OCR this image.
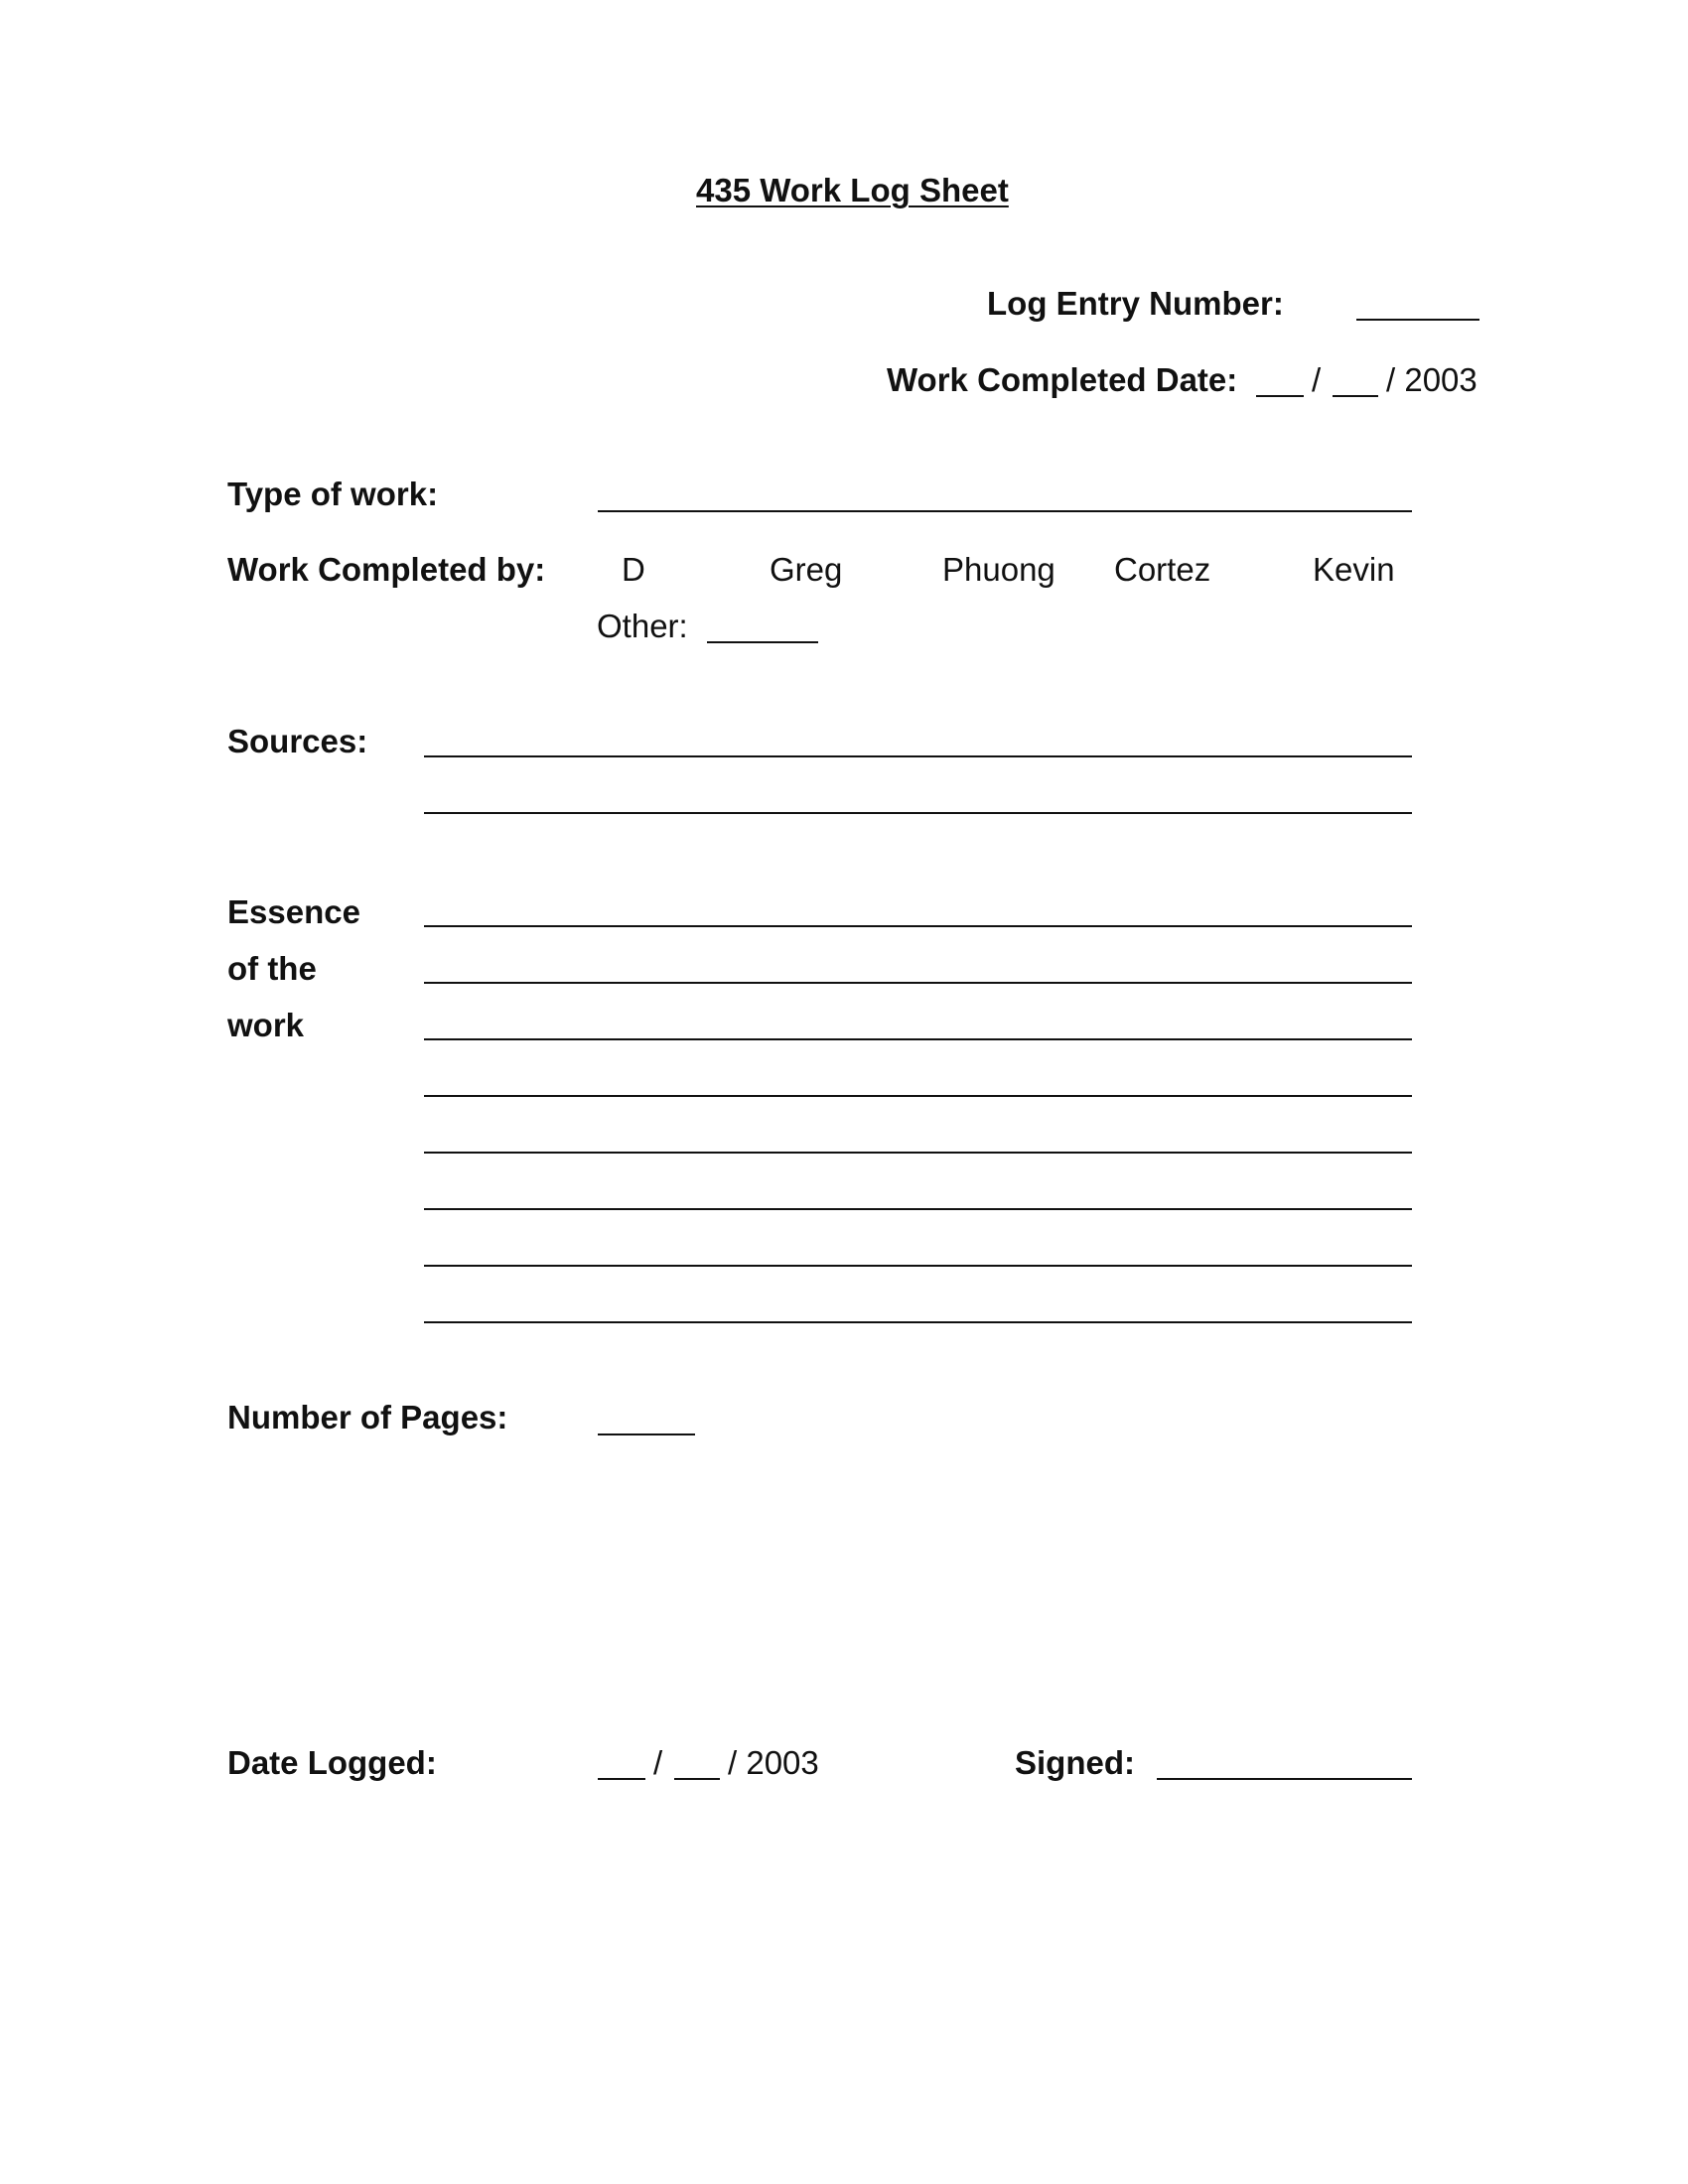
435 Work Log Sheet
Log Entry Number:
Work Completed Date: / / 2003
Type of work:
Work Completed by: D	Greg	Phuong Cortez	Kevin
Other:
Sources:
Essence
of the
work
Number of Pages:
Date Logged:	/ / 2003	Signed:
